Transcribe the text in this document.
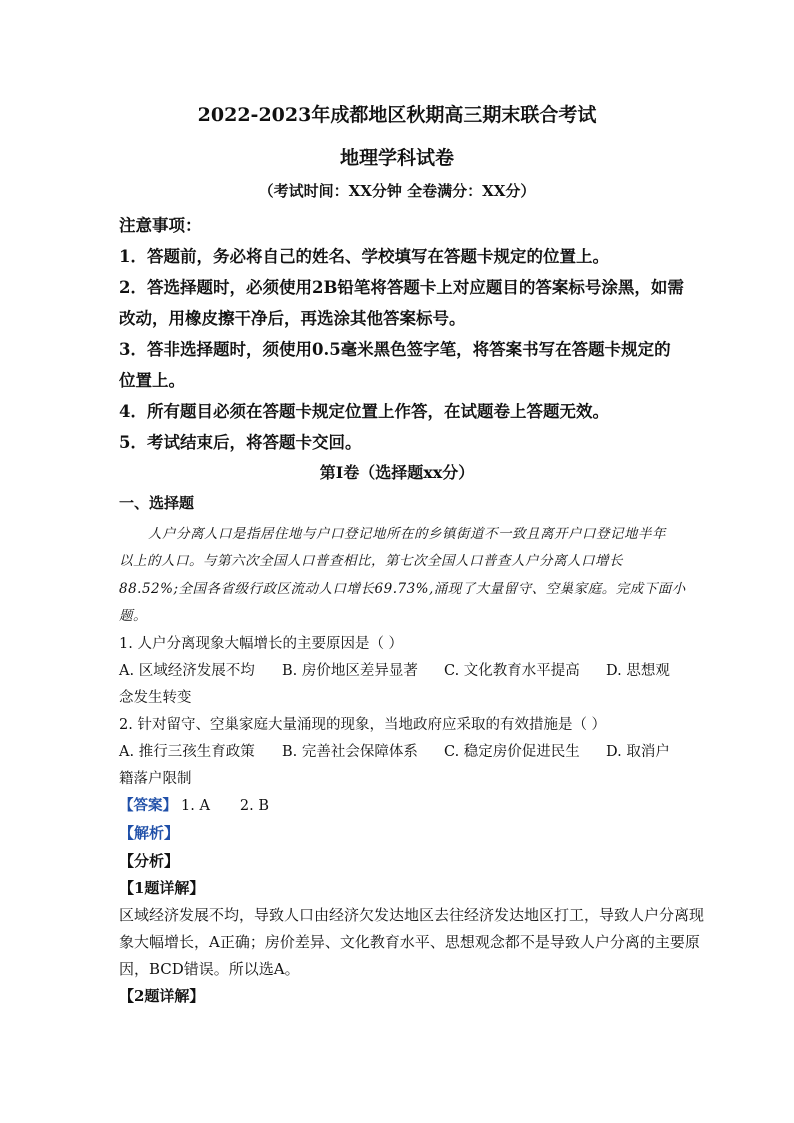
2022-2023年成都地区秋期高三期末联合考试
地理学科试卷
（考试时间：XX分钟 全卷满分：XX分）
注意事项：
1．答题前，务必将自己的姓名、学校填写在答题卡规定的位置上。
2．答选择题时，必须使用2B铅笔将答题卡上对应题目的答案标号涂黑，如需
改动，用橡皮擦干净后，再选涂其他答案标号。
3．答非选择题时，须使用0.5毫米黑色签字笔，将答案书写在答题卡规定的
位置上。
4．所有题目必须在答题卡规定位置上作答，在试题卷上答题无效。
5．考试结束后，将答题卡交回。
第Ⅰ卷（选择题xx分）
一、选择题
人户分离人口是指居住地与户口登记地所在的乡镇街道不一致且离开户口登记地半年
以上的人口。与第六次全国人口普查相比，第七次全国人口普查人户分离人口增长
88.52%;全国各省级行政区流动人口增长69.73%,涌现了大量留守、空巢家庭。完成下面小
题。
1. 人户分离现象大幅增长的主要原因是（ ）
A. 区域经济发展不均 B. 房价地区差异显著 C. 文化教育水平提高 D. 思想观
念发生转变
2. 针对留守、空巢家庭大量涌现的现象，当地政府应采取的有效措施是（ ）
A. 推行三孩生育政策 B. 完善社会保障体系 C. 稳定房价促进民生 D. 取消户
籍落户限制
【答案】 1. A 2. B
【解析】
【分析】
【1题详解】
区域经济发展不均，导致人口由经济欠发达地区去往经济发达地区打工，导致人户分离现
象大幅增长，A正确；房价差异、文化教育水平、思想观念都不是导致人户分离的主要原
因，BCD错误。所以选A。
【2题详解】
